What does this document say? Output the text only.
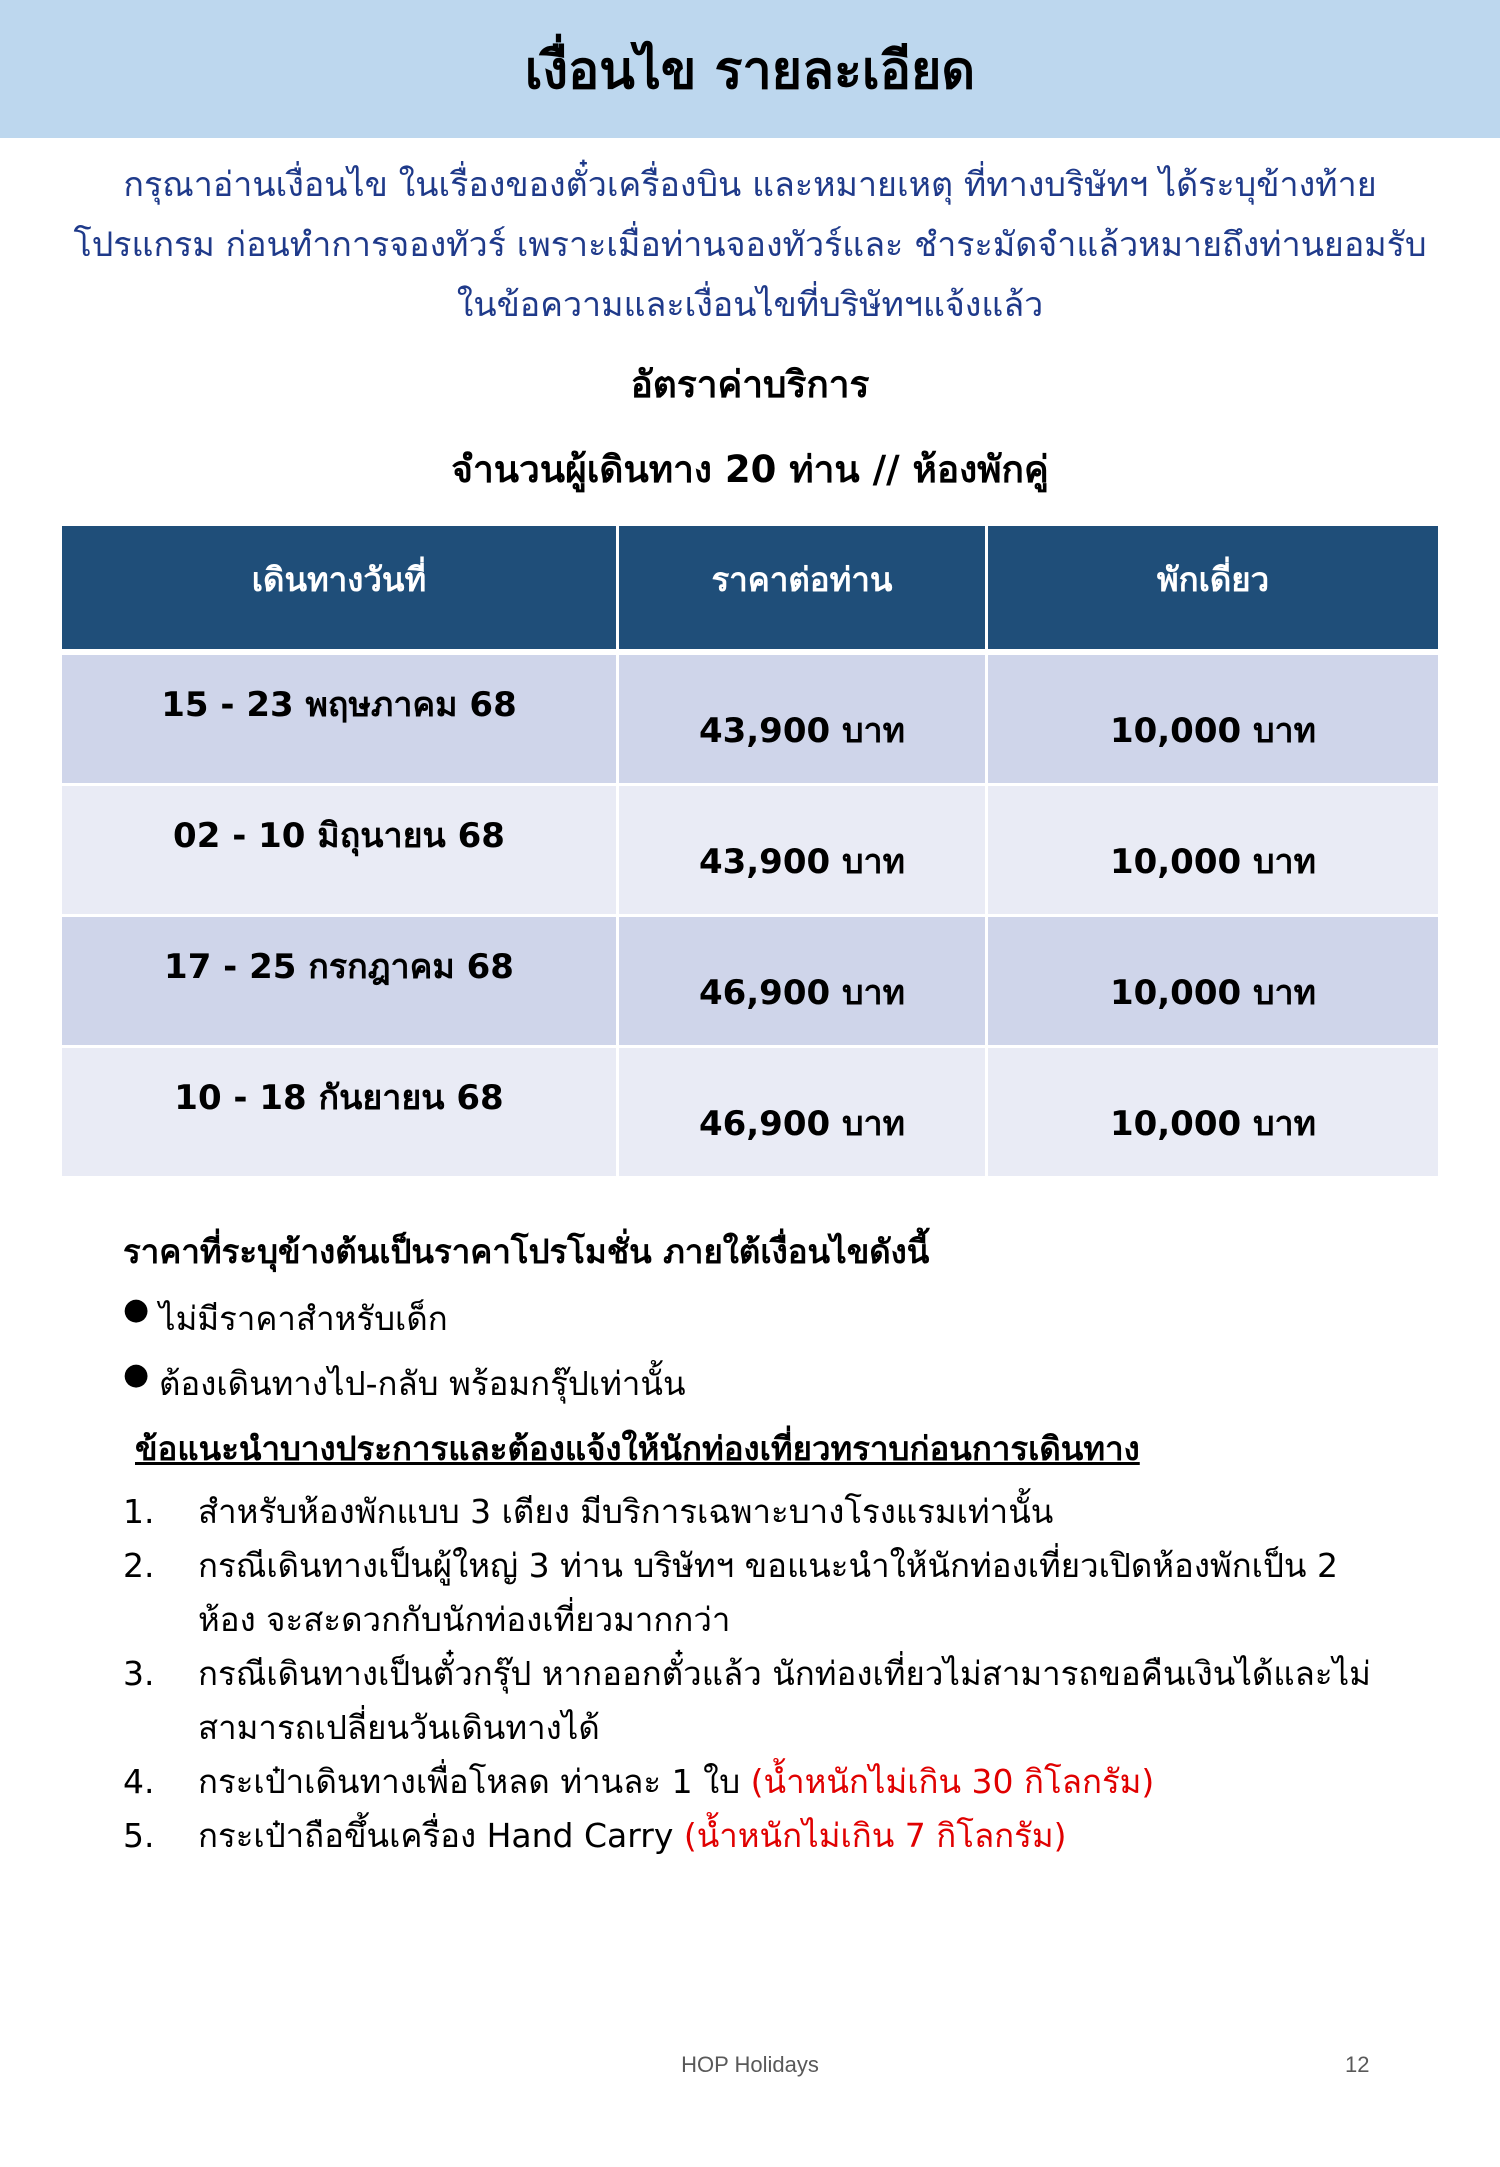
เงื่อนไข รายละเอียด
กรุณาอ่านเงื่อนไข ในเรื่องของตั๋วเครื่องบิน และหมายเหตุ ที่ทางบริษัทฯ ได้ระบุข้างท้ายโปรแกรม ก่อนทำการจองทัวร์ เพราะเมื่อท่านจองทัวร์และ ชำระมัดจำแล้วหมายถึงท่านยอมรับในข้อความและเงื่อนไขที่บริษัทฯแจ้งแล้ว
อัตราค่าบริการ
จำนวนผู้เดินทาง 20 ท่าน // ห้องพักคู่
เดินทางวันที่	ราคาต่อท่าน	พักเดี่ยว
15 - 23 พฤษภาคม 68	43,900 บาท	10,000 บาท
02 - 10 มิถุนายน 68	43,900 บาท	10,000 บาท
17 - 25 กรกฎาคม 68	46,900 บาท	10,000 บาท
10 - 18 กันยายน 68	46,900 บาท	10,000 บาท
ราคาที่ระบุข้างต้นเป็นราคาโปรโมชั่น ภายใต้เงื่อนไขดังนี้
● ไม่มีราคาสำหรับเด็ก
● ต้องเดินทางไป-กลับ พร้อมกรุ๊ปเท่านั้น
ข้อแนะนำบางประการและต้องแจ้งให้นักท่องเที่ยวทราบก่อนการเดินทาง
1.	สำหรับห้องพักแบบ 3 เตียง มีบริการเฉพาะบางโรงแรมเท่านั้น
2.	กรณีเดินทางเป็นผู้ใหญ่ 3 ท่าน บริษัทฯ ขอแนะนำให้นักท่องเที่ยวเปิดห้องพักเป็น 2 ห้อง จะสะดวกกับนักท่องเที่ยวมากกว่า
3.	กรณีเดินทางเป็นตั๋วกรุ๊ป หากออกตั๋วแล้ว นักท่องเที่ยวไม่สามารถขอคืนเงินได้และไม่สามารถเปลี่ยนวันเดินทางได้
4.	กระเป๋าเดินทางเพื่อโหลด ท่านละ 1 ใบ (น้ำหนักไม่เกิน 30 กิโลกรัม)
5.	กระเป๋าถือขึ้นเครื่อง Hand Carry (น้ำหนักไม่เกิน 7 กิโลกรัม)
HOP Holidays	12
